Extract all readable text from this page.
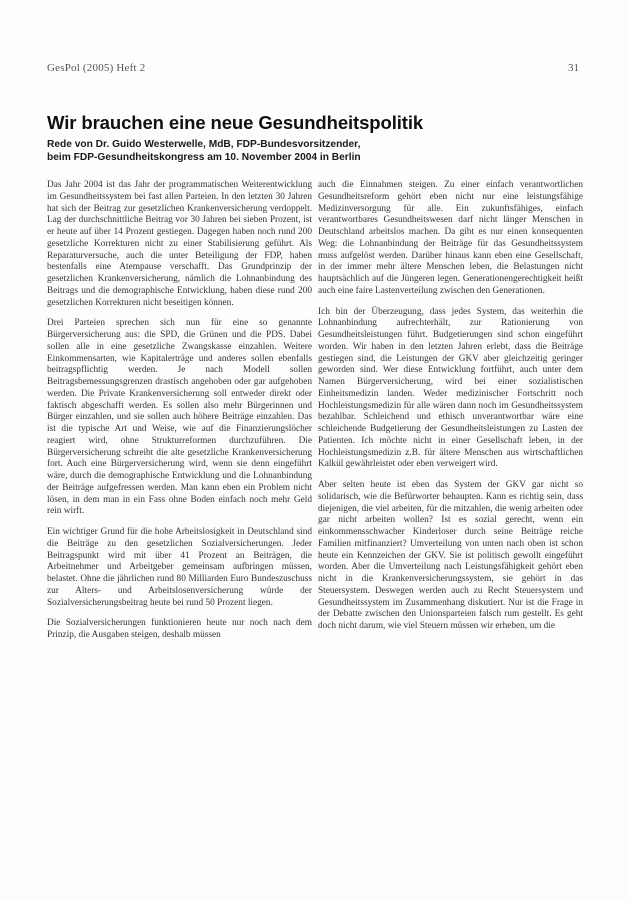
GesPol (2005) Heft 2	31
Wir brauchen eine neue Gesundheitspolitik
Rede von Dr. Guido Westerwelle, MdB, FDP-Bundesvorsitzender,
beim FDP-Gesundheitskongress am 10. November 2004 in Berlin

Das Jahr 2004 ist das Jahr der programmatischen Weiterentwicklung im Gesundheitssystem bei fast allen Parteien. In den letzten 30 Jahren hat sich der Beitrag zur gesetzlichen Krankenversicherung verdoppelt. Lag der durchschnittliche Beitrag vor 30 Jahren bei sieben Prozent, ist er heute auf über 14 Prozent gestiegen. Dagegen haben noch rund 200 gesetzliche Korrekturen nicht zu einer Stabilisierung geführt. Als Reparaturversuche, auch die unter Beteiligung der FDP, haben bestenfalls eine Atempause verschafft. Das Grundprinzip der gesetzlichen Krankenversicherung, nämlich die Lohnanbindung des Beitrags und die demographische Entwicklung, haben diese rund 200 gesetzlichen Korrekturen nicht beseitigen können.

Drei Parteien sprechen sich nun für eine so genannte Bürgerversicherung aus: die SPD, die Grünen und die PDS. Dabei sollen alle in eine gesetzliche Zwangskasse einzahlen. Weitere Einkommensarten, wie Kapitalerträge und anderes sollen ebenfalls beitragspflichtig werden. Je nach Modell sollen Beitragsbemessungsgrenzen drastisch angehoben oder gar aufgehoben werden. Die Private Krankenversicherung soll entweder direkt oder faktisch abgeschafft werden. Es sollen also mehr Bürgerinnen und Bürger einzahlen, und sie sollen auch höhere Beiträge einzahlen. Das ist die typische Art und Weise, wie auf die Finanzierungslöcher reagiert wird, ohne Strukturreformen durchzuführen. Die Bürgerversicherung schreibt die alte gesetzliche Krankenversicherung fort. Auch eine Bürgerversicherung wird, wenn sie denn eingeführt wäre, durch die demographische Entwicklung und die Lohnanbindung der Beiträge aufgefressen werden. Man kann eben ein Problem nicht lösen, in dem man in ein Fass ohne Boden einfach noch mehr Geld rein wirft.

Ein wichtiger Grund für die hohe Arbeitslosigkeit in Deutschland sind die Beiträge zu den gesetzlichen Sozialversicherungen. Jeder Beitragspunkt wird mit über 41 Prozent an Beiträgen, die Arbeitnehmer und Arbeitgeber gemeinsam aufbringen müssen, belastet. Ohne die jährlichen rund 80 Milliarden Euro Bundeszuschuss zur Alters- und Arbeitslosenversicherung würde der Sozialversicherungsbeitrag heute bei rund 50 Prozent liegen.

Die Sozialversicherungen funktionieren heute nur noch nach dem Prinzip, die Ausgaben steigen, deshalb müssen

auch die Einnahmen steigen. Zu einer einfach verantwortlichen Gesundheitsreform gehört eben nicht nur eine leistungsfähige Medizinversorgung für alle. Ein zukunftsfähiges, einfach verantwortbares Gesundheitswesen darf nicht länger Menschen in Deutschland arbeitslos machen. Da gibt es nur einen konsequenten Weg: die Lohnanbindung der Beiträge für das Gesundheitssystem muss aufgelöst werden. Darüber hinaus kann eben eine Gesellschaft, in der immer mehr ältere Menschen leben, die Belastungen nicht hauptsächlich auf die Jüngeren legen. Generationengerechtigkeit heißt auch eine faire Lastenverteilung zwischen den Generationen.

Ich bin der Überzeugung, dass jedes System, das weiterhin die Lohnanbindung aufrechterhält, zur Rationierung von Gesundheitsleistungen führt. Budgetierungen sind schon eingeführt worden. Wir haben in den letzten Jahren erlebt, dass die Beiträge gestiegen sind, die Leistungen der GKV aber gleichzeitig geringer geworden sind. Wer diese Entwicklung fortführt, auch unter dem Namen Bürgerversicherung, wird bei einer sozialistischen Einheitsmedizin landen. Weder medizinischer Fortschritt noch Hochleistungsmedizin für alle wären dann noch im Gesundheitssystem bezahlbar. Schleichend und ethisch unverantwortbar wäre eine schleichende Budgetierung der Gesundheitsleistungen zu Lasten der Patienten. Ich möchte nicht in einer Gesellschaft leben, in der Hochleistungsmedizin z.B. für ältere Menschen aus wirtschaftlichen Kalkül gewährleistet oder eben verweigert wird.

Aber selten heute ist eben das System der GKV gar nicht so solidarisch, wie die Befürworter behaupten. Kann es richtig sein, dass diejenigen, die viel arbeiten, für die mitzahlen, die wenig arbeiten oder gar nicht arbeiten wollen? Ist es sozial gerecht, wenn ein einkommensschwacher Kinderloser durch seine Beiträge reiche Familien mitfinanziert? Umverteilung von unten nach oben ist schon heute ein Kennzeichen der GKV. Sie ist politisch gewollt eingeführt worden. Aber die Umverteilung nach Leistungsfähigkeit gehört eben nicht in die Krankenversicherungssystem, sie gehört in das Steuersystem. Deswegen werden auch zu Recht Steuersystem und Gesundheitssystem im Zusammenhang diskutiert. Nur ist die Frage in der Debatte zwischen den Unionsparteien falsch rum gestellt. Es geht doch nicht darum, wie viel Steuern müssen wir erheben, um die
